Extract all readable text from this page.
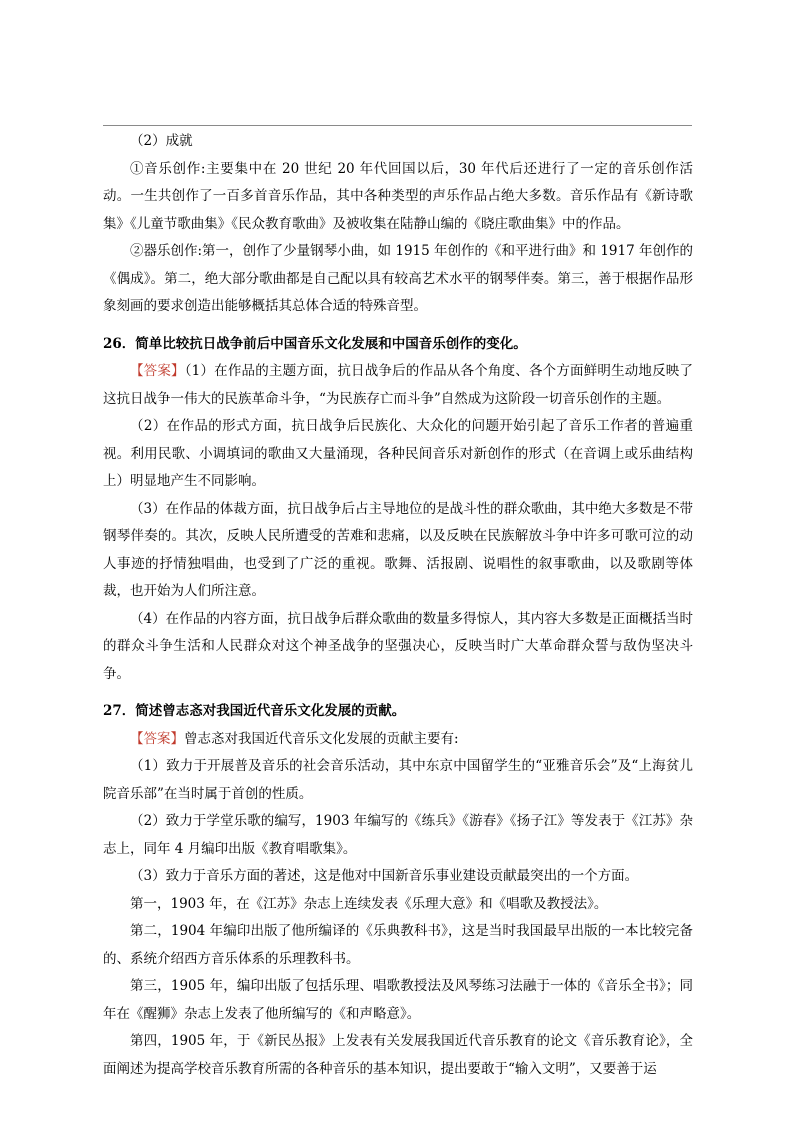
（2）成就

①音乐创作:主要集中在 20 世纪 20 年代回国以后，30 年代后还进行了一定的音乐创作活动。一生共创作了一百多首音乐作品，其中各种类型的声乐作品占绝大多数。音乐作品有《新诗歌集》《儿童节歌曲集》《民众教育歌曲》及被收集在陆静山编的《晓庄歌曲集》中的作品。

②器乐创作:第一，创作了少量钢琴小曲，如 1915 年创作的《和平进行曲》和 1917 年创作的《偶成》。第二，绝大部分歌曲都是自己配以具有较高艺术水平的钢琴伴奏。第三，善于根据作品形象刻画的要求创造出能够概括其总体合适的特殊音型。

26．简单比较抗日战争前后中国音乐文化发展和中国音乐创作的变化。

【答案】（1）在作品的主题方面，抗日战争后的作品从各个角度、各个方面鲜明生动地反映了这抗日战争一伟大的民族革命斗争，“为民族存亡而斗争”自然成为这阶段一切音乐创作的主题。

（2）在作品的形式方面，抗日战争后民族化、大众化的问题开始引起了音乐工作者的普遍重视。利用民歌、小调填词的歌曲又大量涌现，各种民间音乐对新创作的形式（在音调上或乐曲结构上）明显地产生不同影响。

（3）在作品的体裁方面，抗日战争后占主导地位的是战斗性的群众歌曲，其中绝大多数是不带钢琴伴奏的。其次，反映人民所遭受的苦难和悲痛，以及反映在民族解放斗争中许多可歌可泣的动人事迹的抒情独唱曲，也受到了广泛的重视。歌舞、活报剧、说唱性的叙事歌曲，以及歌剧等体裁，也开始为人们所注意。

（4）在作品的内容方面，抗日战争后群众歌曲的数量多得惊人，其内容大多数是正面概括当时的群众斗争生活和人民群众对这个神圣战争的坚强决心，反映当时广大革命群众誓与敌伪坚决斗争。

27．简述曾志忞对我国近代音乐文化发展的贡献。

【答案】曾志忞对我国近代音乐文化发展的贡献主要有:

（1）致力于开展普及音乐的社会音乐活动，其中东京中国留学生的“亚雅音乐会”及“上海贫儿院音乐部”在当时属于首创的性质。

（2）致力于学堂乐歌的编写，1903 年编写的《练兵》《游春》《扬子江》等发表于《江苏》杂志上，同年 4 月编印出版《教育唱歌集》。

（3）致力于音乐方面的著述，这是他对中国新音乐事业建设贡献最突出的一个方面。

第一，1903 年，在《江苏》杂志上连续发表《乐理大意》和《唱歌及教授法》。

第二，1904 年编印出版了他所编译的《乐典教科书》，这是当时我国最早出版的一本比较完备的、系统介绍西方音乐体系的乐理教科书。

第三，1905 年，编印出版了包括乐理、唱歌教授法及风琴练习法融于一体的《音乐全书》；同年在《醒狮》杂志上发表了他所编写的《和声略意》。

第四，1905 年，于《新民丛报》上发表有关发展我国近代音乐教育的论文《音乐教育论》，全面阐述为提高学校音乐教育所需的各种音乐的基本知识，提出要敢于“输入文明”，又要善于运
